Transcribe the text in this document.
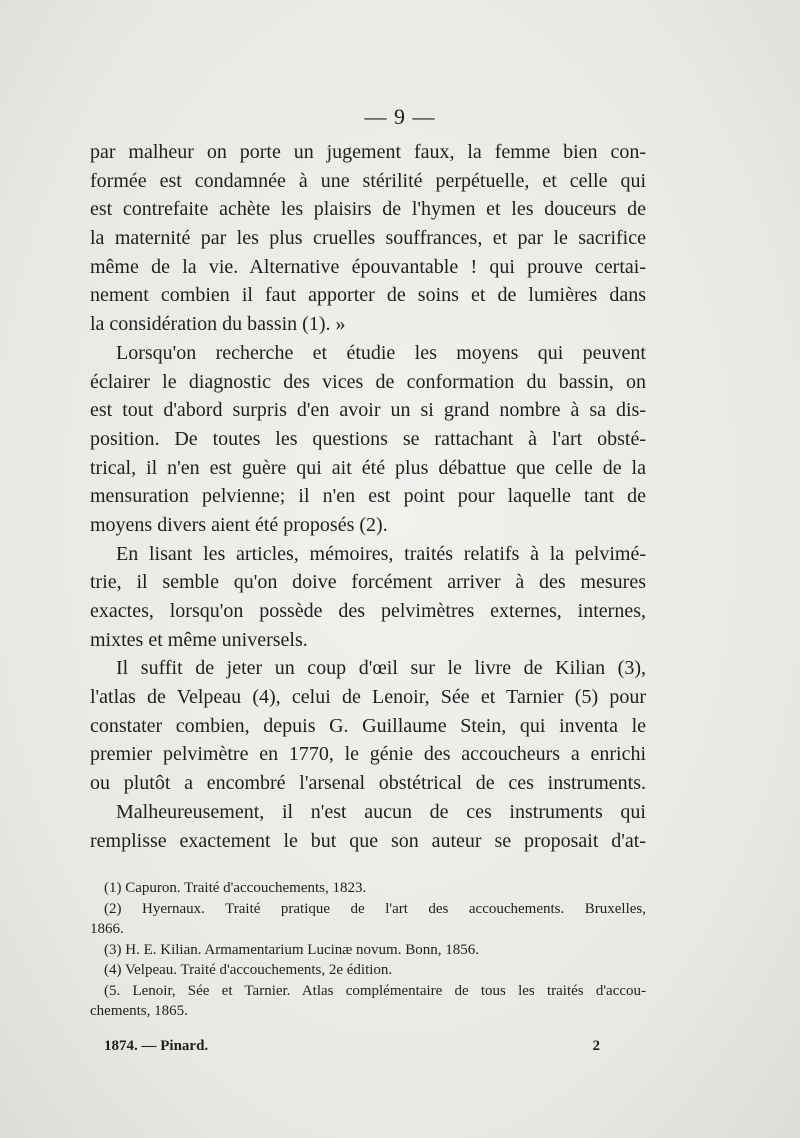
— 9 —
par malheur on porte un jugement faux, la femme bien con-
formée est condamnée à une stérilité perpétuelle, et celle qui
est contrefaite achète les plaisirs de l'hymen et les douceurs de
la maternité par les plus cruelles souffrances, et par le sacrifice
même de la vie. Alternative épouvantable ! qui prouve certai-
nement combien il faut apporter de soins et de lumières dans
la considération du bassin (1). »
Lorsqu'on recherche et étudie les moyens qui peuvent
éclairer le diagnostic des vices de conformation du bassin, on
est tout d'abord surpris d'en avoir un si grand nombre à sa dis-
position. De toutes les questions se rattachant à l'art obsté-
trical, il n'en est guère qui ait été plus débattue que celle de la
mensuration pelvienne; il n'en est point pour laquelle tant de
moyens divers aient été proposés (2).
En lisant les articles, mémoires, traités relatifs à la pelvimé-
trie, il semble qu'on doive forcément arriver à des mesures
exactes, lorsqu'on possède des pelvimètres externes, internes,
mixtes et même universels.
Il suffit de jeter un coup d'œil sur le livre de Kilian (3),
l'atlas de Velpeau (4), celui de Lenoir, Sée et Tarnier (5) pour
constater combien, depuis G. Guillaume Stein, qui inventa le
premier pelvimètre en 1770, le génie des accoucheurs a enrichi
ou plutôt a encombré l'arsenal obstétrical de ces instruments.
Malheureusement, il n'est aucun de ces instruments qui
remplisse exactement le but que son auteur se proposait d'at-
(1) Capuron. Traité d'accouchements, 1823.
(2) Hyernaux. Traité pratique de l'art des accouchements. Bruxelles,
1866.
(3) H. E. Kilian. Armamentarium Lucinæ novum. Bonn, 1856.
(4) Velpeau. Traité d'accouchements, 2e édition.
(5. Lenoir, Sée et Tarnier. Atlas complémentaire de tous les traités d'accou-
chements, 1865.
1874. — Pinard.	2
